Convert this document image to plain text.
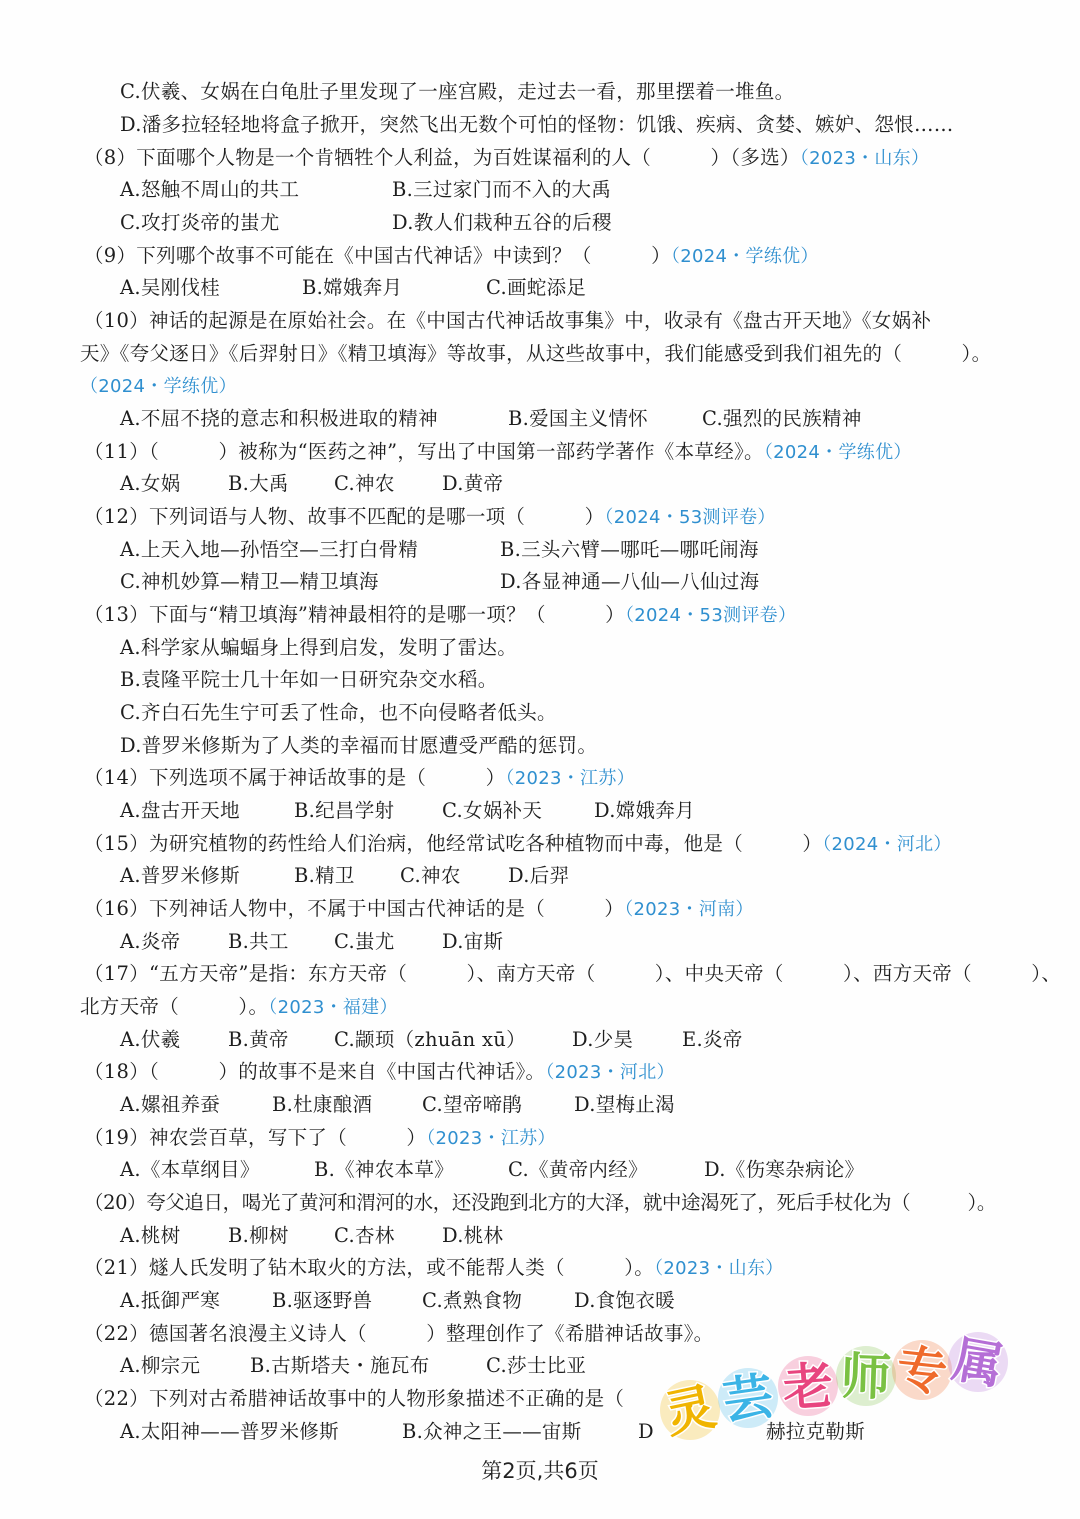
C.伏羲、女娲在白龟肚子里发现了一座宫殿，走过去一看，那里摆着一堆鱼。
D.潘多拉轻轻地将盒子掀开，突然飞出无数个可怕的怪物：饥饿、疾病、贪婪、嫉妒、怨恨……
（8）下面哪个人物是一个肯牺牲个人利益，为百姓谋福利的人（　　　）（多选）（2023・山东）
A.怒触不周山的共工	B.三过家门而不入的大禹
C.攻打炎帝的蚩尤	D.教人们栽种五谷的后稷
（9）下列哪个故事不可能在《中国古代神话》中读到？（　　　）（2024・学练优）
A.吴刚伐桂	B.嫦娥奔月	C.画蛇添足
（10）神话的起源是在原始社会。在《中国古代神话故事集》中，收录有《盘古开天地》《女娲补
天》《夸父逐日》《后羿射日》《精卫填海》等故事，从这些故事中，我们能感受到我们祖先的（　　　）。
（2024・学练优）
A.不屈不挠的意志和积极进取的精神	B.爱国主义情怀	C.强烈的民族精神
（11）（　　　）被称为“医药之神”，写出了中国第一部药学著作《本草经》。（2024・学练优）
A.女娲 B.大禹 C.神农 D.黄帝
（12）下列词语与人物、故事不匹配的是哪一项（　　　）（2024・53测评卷）
A.上天入地—孙悟空—三打白骨精	B.三头六臂—哪吒—哪吒闹海
C.神机妙算—精卫—精卫填海	D.各显神通—八仙—八仙过海
（13）下面与“精卫填海”精神最相符的是哪一项？（　　　）（2024・53测评卷）
A.科学家从蝙蝠身上得到启发，发明了雷达。
B.袁隆平院士几十年如一日研究杂交水稻。
C.齐白石先生宁可丢了性命，也不向侵略者低头。
D.普罗米修斯为了人类的幸福而甘愿遭受严酷的惩罚。
（14）下列选项不属于神话故事的是（　　　）（2023・江苏）
A.盘古开天地	B.纪昌学射 C.女娲补天	D.嫦娥奔月
（15）为研究植物的药性给人们治病，他经常试吃各种植物而中毒，他是（　　　）（2024・河北）
A.普罗米修斯	B.精卫 C.神农 D.后羿
（16）下列神话人物中，不属于中国古代神话的是（　　　）（2023・河南）
A.炎帝 B.共工 C.蚩尤 D.宙斯
（17）“五方天帝”是指：东方天帝（　　　）、南方天帝（　　　）、中央天帝（　　　）、西方天帝（　　　）、
北方天帝（　　　）。（2023・福建）
A.伏羲 B.黄帝 C.颛顼（zhuān xū） D.少昊 E.炎帝
（18）（　　　）的故事不是来自《中国古代神话》。（2023・河北）
A.嫘祖养蚕	B.杜康酿酒	C.望帝啼鹃	D.望梅止渴
（19）神农尝百草，写下了（　　　）（2023・江苏）
A.《本草纲目》	B.《神农本草》	C.《黄帝内经》	D.《伤寒杂病论》
（20）夸父追日，喝光了黄河和渭河的水，还没跑到北方的大泽，就中途渴死了，死后手杖化为（　　　）。
A.桃树 B.柳树 C.杏林 D.桃林
（21）燧人氏发明了钻木取火的方法，或不能帮人类（　　　）。（2023・山东）
A.抵御严寒	B.驱逐野兽	C.煮熟食物	D.食饱衣暖
（22）德国著名浪漫主义诗人（　　　）整理创作了《希腊神话故事》。
A.柳宗元	B.古斯塔夫・施瓦布	C.莎士比亚
（22）下列对古希腊神话故事中的人物形象描述不正确的是（
A.太阳神——普罗米修斯	B.众神之王——宙斯	D	赫拉克勒斯
灵
芸 老 师 专
属
第2页,共6页
